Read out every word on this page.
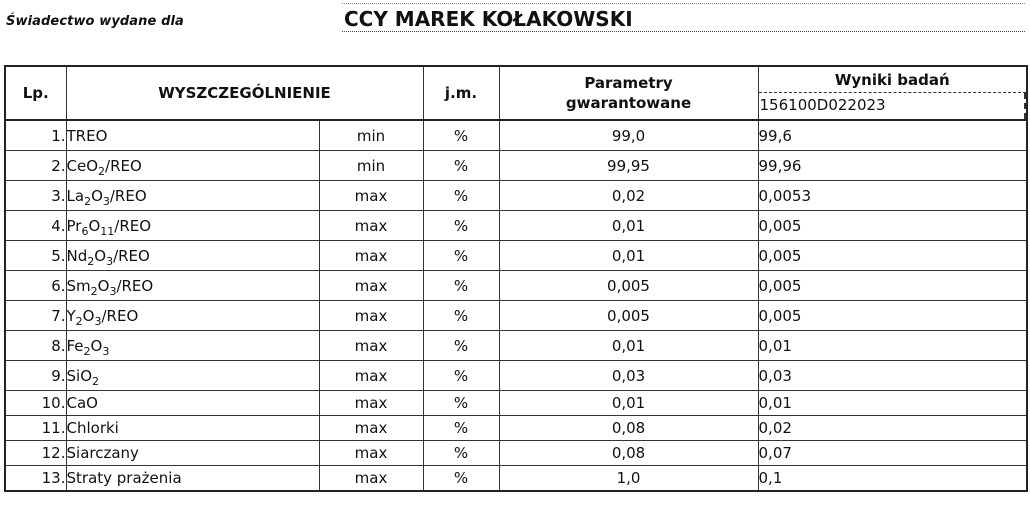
Świadectwo wydane dla	CCY MAREK KOŁAKOWSKI
Lp.	WYSZCZEGÓLNIENIE		j.m.	Parametry
gwarantowane	Wyniki badań
156100D022023

1.	TREO	min	%	99,0	99,6
2.	CeO$_2$/REO	min	%	99,95	99,96
3.	$La_2O_3$/REO	max	%	0,02	0,0053
4.	$Pr_6O_{11}$/REO	max	%	0,01	0,005
5.	$Nd_2O_3$/REO	max	%	0,01	0,005
6.	$Sm_2O_3$/REO	max	%	0,005	0,005
7.	$Y_2O_3$/REO	max	%	0,005	0,005
8.	$Fe_2O_3$	max	%	0,01	0,01
9.	SiO$_2$	max	%	0,03	0,03
10.	CaO	max	%	0,01	0,01
11.	Chlorki	max	%	0,08	0,02
12.	Siarczany	max	%	0,08	0,07
13.	Straty prażenia	max	%	1,0	0,1
